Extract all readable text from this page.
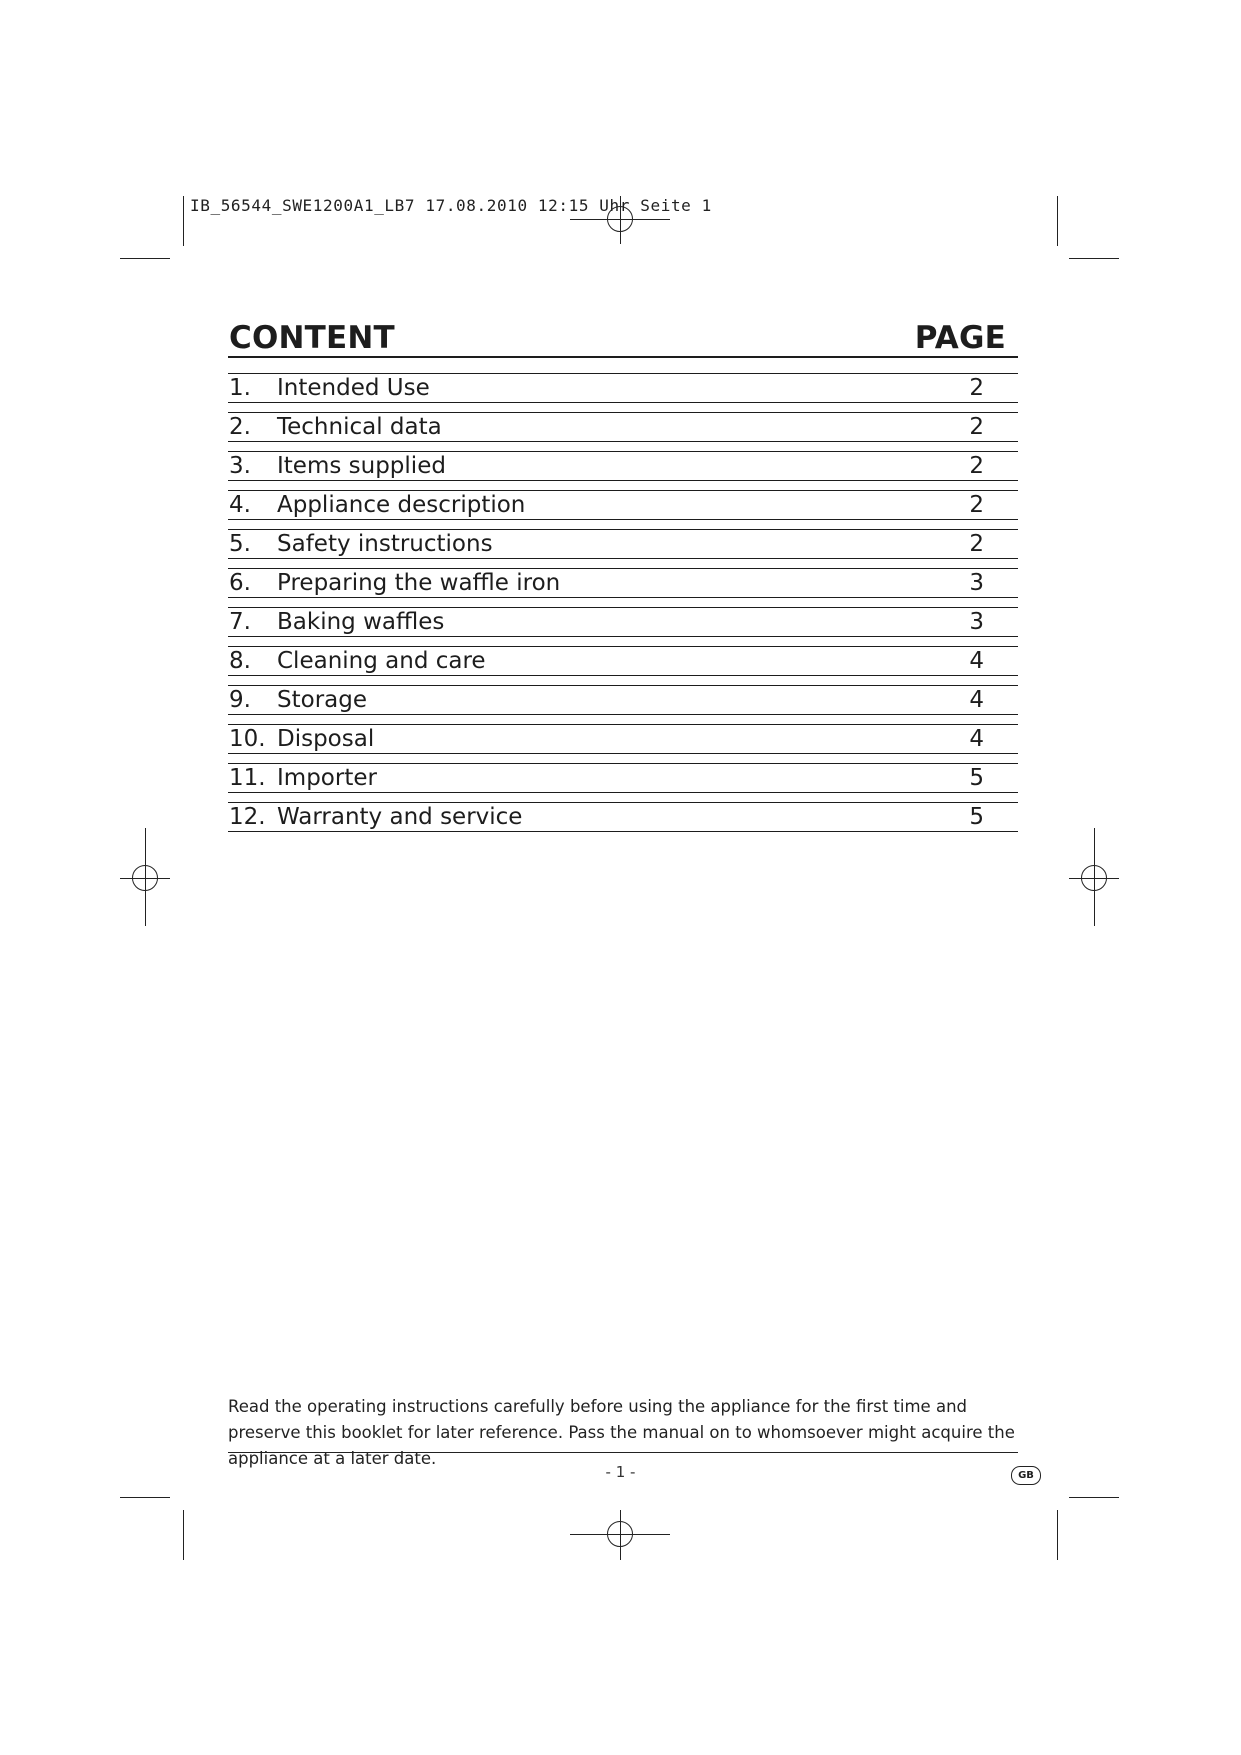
IB_56544_SWE1200A1_LB7 17.08.2010 12:15 Uhr Seite 1
CONTENT	PAGE
1.	Intended Use	2
2.	Technical data	2
3.	Items supplied	2
4.	Appliance description	2
5.	Safety instructions	2
6.	Preparing the waffle iron	3
7.	Baking waffles	3
8.	Cleaning and care	4
9.	Storage	4
10. Disposal	4
11. Importer	5
12. Warranty and service	5
Read the operating instructions carefully before using the appliance for the first time and preserve this booklet for later reference. Pass the manual on to whomsoever might acquire the appliance at a later date.
- 1 -	GB
